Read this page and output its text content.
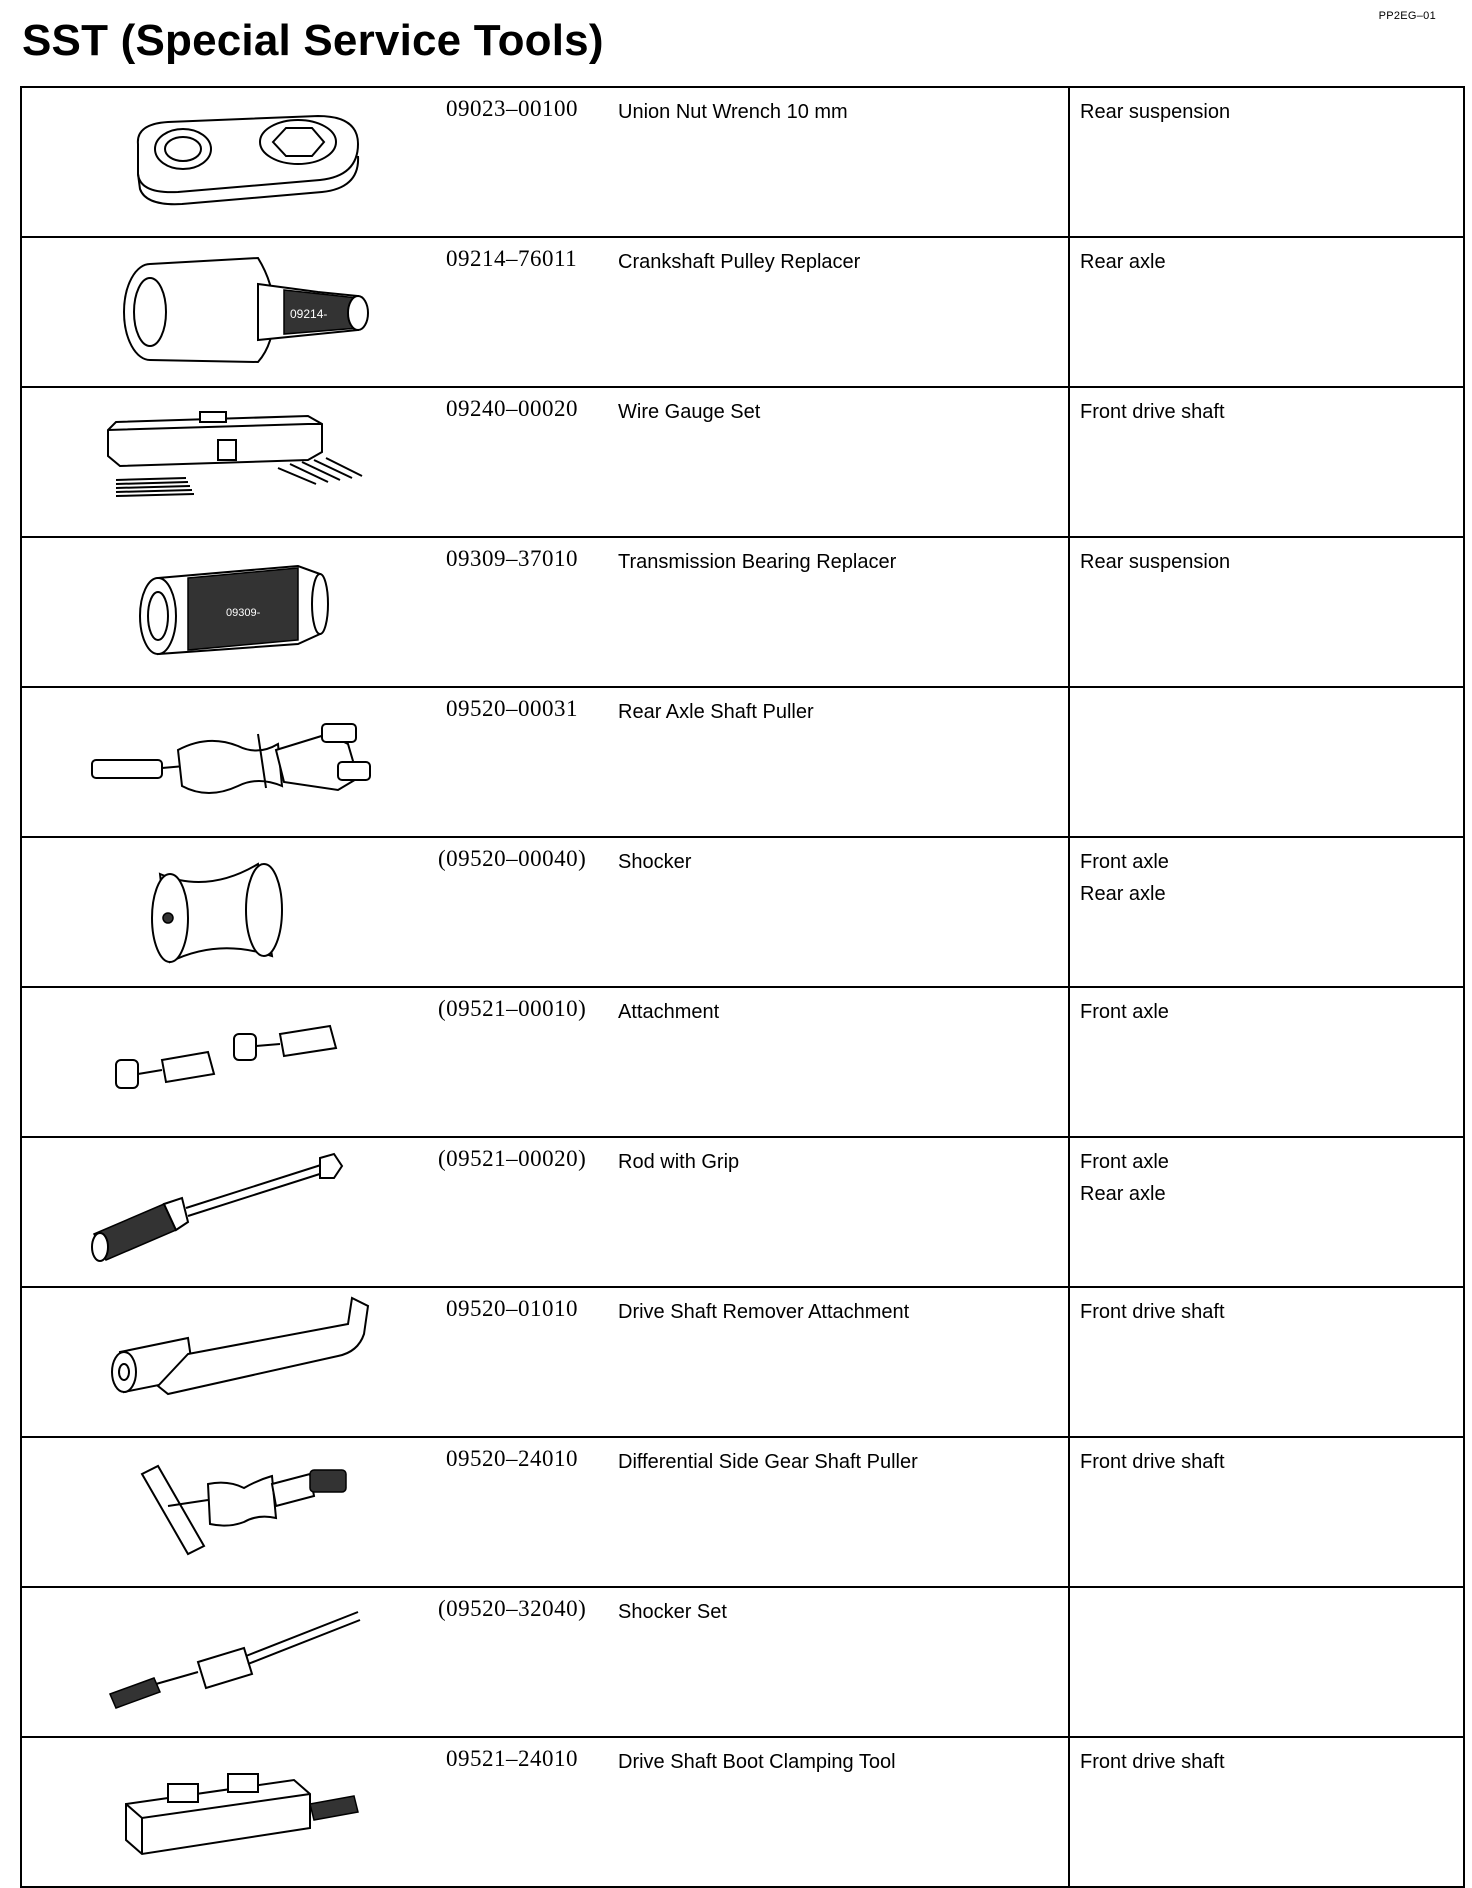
PP2EG–01
SST (Special Service Tools)
09023–00100 Union Nut Wrench 10 mm	Rear suspension

09214-
09214–76011 Crankshaft Pulley Replacer	Rear axle

09240–00020 Wire Gauge Set	Front drive shaft

09309-
09309–37010 Transmission Bearing Replacer	Rear suspension

09520–00031 Rear Axle Shaft Puller	

(09520–00040) Shocker	Front axle
Rear axle

(09521–00010) Attachment	Front axle

(09521–00020) Rod with Grip	Front axle
Rear axle

09520–01010 Drive Shaft Remover Attachment	Front drive shaft

09520–24010 Differential Side Gear Shaft Puller	Front drive shaft

(09520–32040) Shocker Set	

09521–24010 Drive Shaft Boot Clamping Tool	Front drive shaft
